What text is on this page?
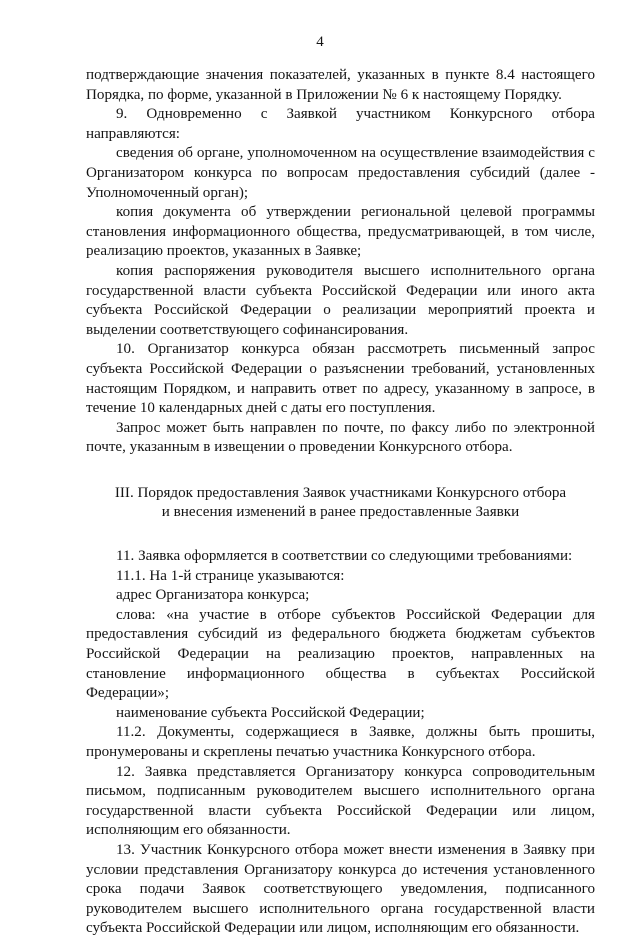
4

подтверждающие значения показателей, указанных в пункте 8.4 настоящего Порядка, по форме, указанной в Приложении № 6 к настоящему Порядку.

9. Одновременно с Заявкой участником Конкурсного отбора направляются:

сведения об органе, уполномоченном на осуществление взаимодействия с Организатором конкурса по вопросам предоставления субсидий (далее - Уполномоченный орган);

копия документа об утверждении региональной целевой программы становления информационного общества, предусматривающей, в том числе, реализацию проектов, указанных в Заявке;

копия распоряжения руководителя высшего исполнительного органа государственной власти субъекта Российской Федерации или иного акта субъекта Российской Федерации о реализации мероприятий проекта и выделении соответствующего софинансирования.

10. Организатор конкурса обязан рассмотреть письменный запрос субъекта Российской Федерации о разъяснении требований, установленных настоящим Порядком, и направить ответ по адресу, указанному в запросе, в течение 10 календарных дней с даты его поступления.

Запрос может быть направлен по почте, по факсу либо по электронной почте, указанным в извещении о проведении Конкурсного отбора.

III. Порядок предоставления Заявок участниками Конкурсного отбора
и внесения изменений в ранее предоставленные Заявки

11. Заявка оформляется в соответствии со следующими требованиями:

11.1. На 1-й странице указываются:

адрес Организатора конкурса;

слова: «на участие в отборе субъектов Российской Федерации для предоставления субсидий из федерального бюджета бюджетам субъектов Российской Федерации на реализацию проектов, направленных на становление информационного общества в субъектах Российской Федерации»;

наименование субъекта Российской Федерации;

11.2. Документы, содержащиеся в Заявке, должны быть прошиты, пронумерованы и скреплены печатью участника Конкурсного отбора.

12. Заявка представляется Организатору конкурса сопроводительным письмом, подписанным руководителем высшего исполнительного органа государственной власти субъекта Российской Федерации или лицом, исполняющим его обязанности.

13. Участник Конкурсного отбора может внести изменения в Заявку при условии представления Организатору конкурса до истечения установленного срока подачи Заявок соответствующего уведомления, подписанного руководителем высшего исполнительного органа государственной власти субъекта Российской Федерации или лицом, исполняющим его обязанности.
